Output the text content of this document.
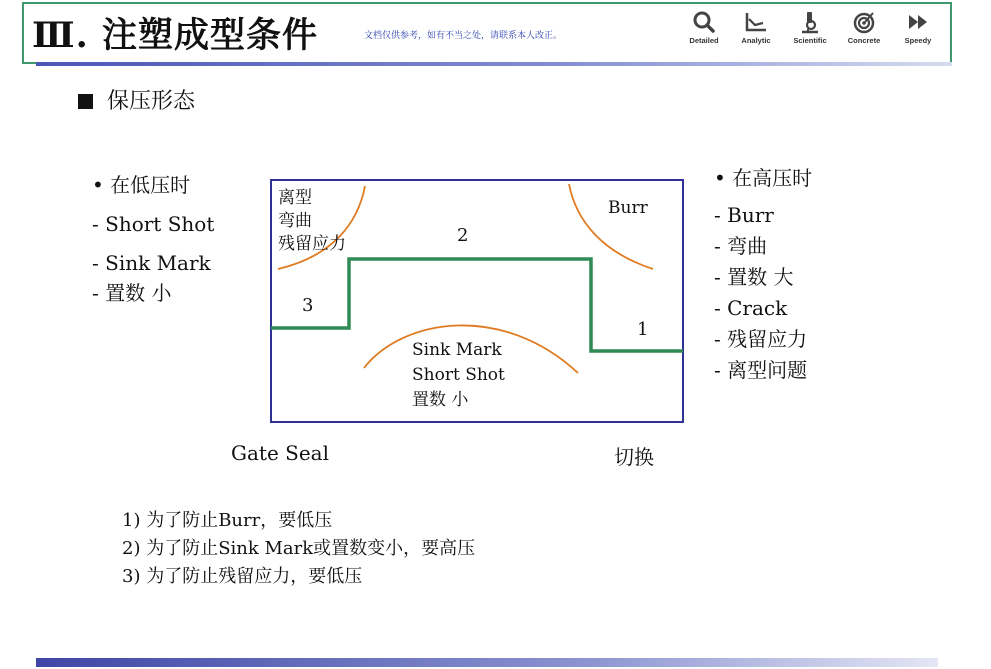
Ⅲ. 注塑成型条件	文档仅供参考，如有不当之处，请联系本人改正。	Detailed	Analytic	Scientific	Concrete	Speedy
保压形态
• 在低压时
- Short Shot
- Sink Mark
- 置数 小
• 在高压时
- Burr
- 弯曲
- 置数 大
- Crack
- 残留应力
- 离型问题
离型
弯曲
残留应力
Burr
2
3
1
Sink Mark
Short Shot
置数 小
Gate Seal	切换
1) 为了防止Burr，要低压
2) 为了防止Sink Mark或置数变小，要高压
3) 为了防止残留应力，要低压
